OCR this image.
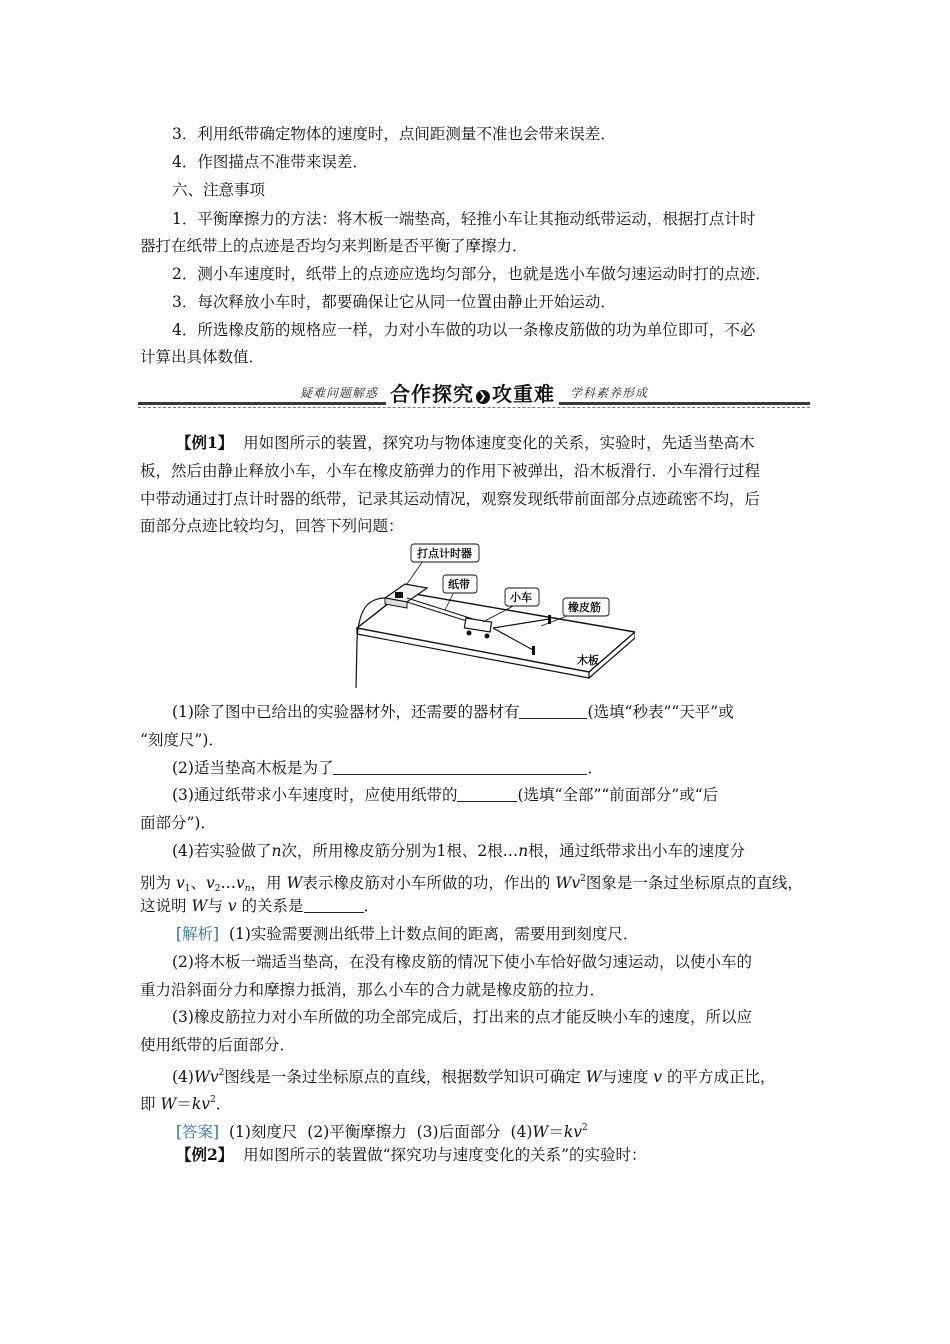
3．利用纸带确定物体的速度时，点间距测量不准也会带来误差．
4．作图描点不准带来误差．
六、注意事项
1．平衡摩擦力的方法：将木板一端垫高，轻推小车让其拖动纸带运动，根据打点计时
器打在纸带上的点迹是否均匀来判断是否平衡了摩擦力．
2．测小车速度时，纸带上的点迹应选均匀部分，也就是选小车做匀速运动时打的点迹．
3．每次释放小车时，都要确保让它从同一位置由静止开始运动．
4．所选橡皮筋的规格应一样，力对小车做的功以一条橡皮筋做的功为单位即可，不必
计算出具体数值．
疑难问题解惑 合作探究 ❯ 攻重难	学科素养形成
【例1】 用如图所示的装置，探究功与物体速度变化的关系，实验时，先适当垫高木
板，然后由静止释放小车，小车在橡皮筋弹力的作用下被弹出，沿木板滑行．小车滑行过程
中带动通过打点计时器的纸带，记录其运动情况，观察发现纸带前面部分点迹疏密不均，后
面部分点迹比较均匀，回答下列问题：
打点计时器
纸带
小车
橡皮筋
木板
(1)除了图中已给出的实验器材外，还需要的器材有	(选填“秒表”“天平”或
“刻度尺”)．
(2)适当垫高木板是为了	．
(3)通过纸带求小车速度时，应使用纸带的	(选填“全部”“前面部分”或“后
面部分”)．
(4)若实验做了n次，所用橡皮筋分别为1根、2根…n根，通过纸带求出小车的速度分
别为 $v_1$、$v_2\dots v_n$，用 W表示橡皮筋对小车所做的功，作出的 Wv$^2$图象是一条过坐标原点的直线，
这说明 W与 v 的关系是	．
[解析] (1)实验需要测出纸带上计数点间的距离，需要用到刻度尺．
(2)将木板一端适当垫高，在没有橡皮筋的情况下使小车恰好做匀速运动，以使小车的
重力沿斜面分力和摩擦力抵消，那么小车的合力就是橡皮筋的拉力．
(3)橡皮筋拉力对小车所做的功全部完成后，打出来的点才能反映小车的速度，所以应
使用纸带的后面部分．
(4)Wv$^2$图线是一条过坐标原点的直线，根据数学知识可确定 W与速度 v 的平方成正比，
即 $W=kv^2$．
[答案] (1)刻度尺 (2)平衡摩擦力 (3)后面部分 $(4)W=kv^2$
【例2】 用如图所示的装置做“探究功与速度变化的关系”的实验时：
